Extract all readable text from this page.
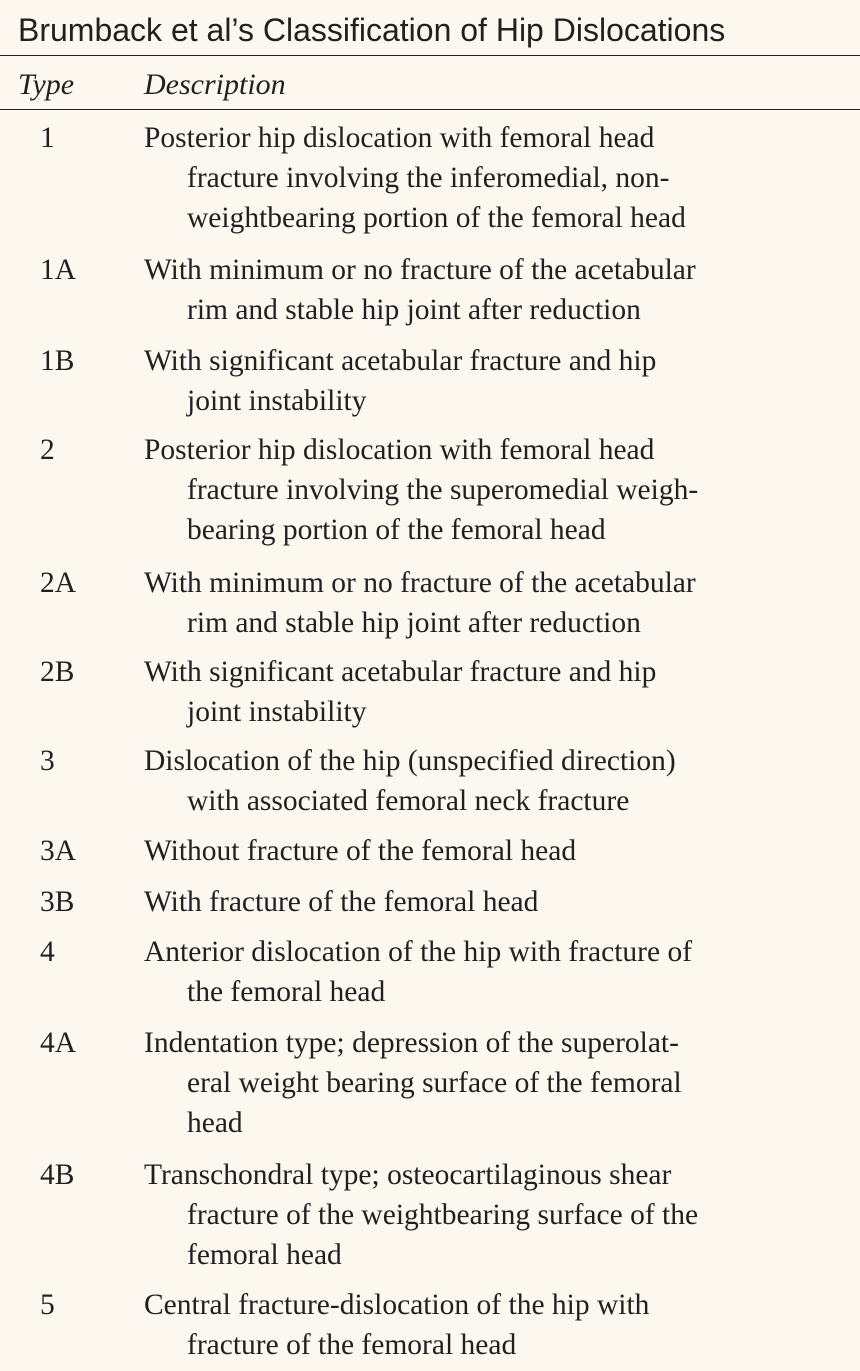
Brumback et al’s Classification of Hip Dislocations
Type Description
1	Posterior hip dislocation with femoral head
fracture involving the inferomedial, non-
weightbearing portion of the femoral head
1A With minimum or no fracture of the acetabular
rim and stable hip joint after reduction
1B With significant acetabular fracture and hip
joint instability
2	Posterior hip dislocation with femoral head
fracture involving the superomedial weigh-
bearing portion of the femoral head
2A With minimum or no fracture of the acetabular
rim and stable hip joint after reduction
2B With significant acetabular fracture and hip
joint instability
3	Dislocation of the hip (unspecified direction)
with associated femoral neck fracture
3A Without fracture of the femoral head
3B With fracture of the femoral head
4	Anterior dislocation of the hip with fracture of
the femoral head
4A Indentation type; depression of the superolat-
eral weight bearing surface of the femoral
head
4B Transchondral type; osteocartilaginous shear
fracture of the weightbearing surface of the
femoral head
5	Central fracture-dislocation of the hip with
fracture of the femoral head
